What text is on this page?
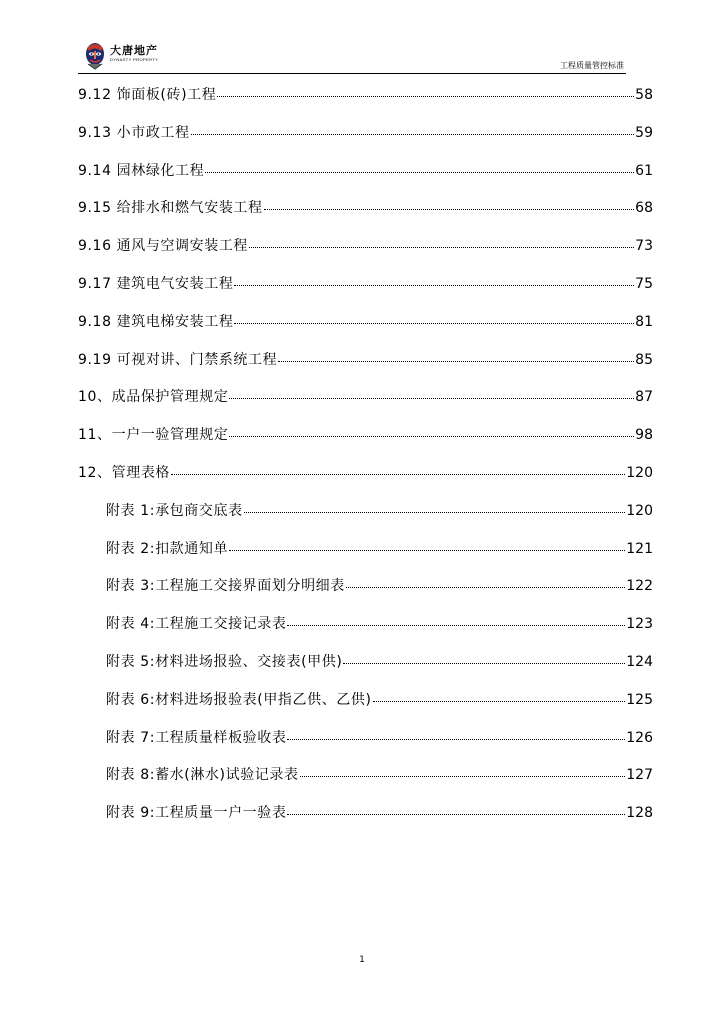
大唐地产
DYNASTY PROPERTY
工程质量管控标准
9.12 饰面板(砖)工程	58
9.13 小市政工程	59
9.14 园林绿化工程	61
9.15 给排水和燃气安装工程	68
9.16 通风与空调安装工程	73
9.17 建筑电气安装工程	75
9.18 建筑电梯安装工程	81
9.19 可视对讲、门禁系统工程	85
10、成品保护管理规定	87
11、一户一验管理规定	98
12、管理表格	120
附表 1:承包商交底表	120
附表 2:扣款通知单	121
附表 3:工程施工交接界面划分明细表	122
附表 4:工程施工交接记录表	123
附表 5:材料进场报验、交接表(甲供)	124
附表 6:材料进场报验表(甲指乙供、乙供)	125
附表 7:工程质量样板验收表	126
附表 8:蓄水(淋水)试验记录表	127
附表 9:工程质量一户一验表	128
1
